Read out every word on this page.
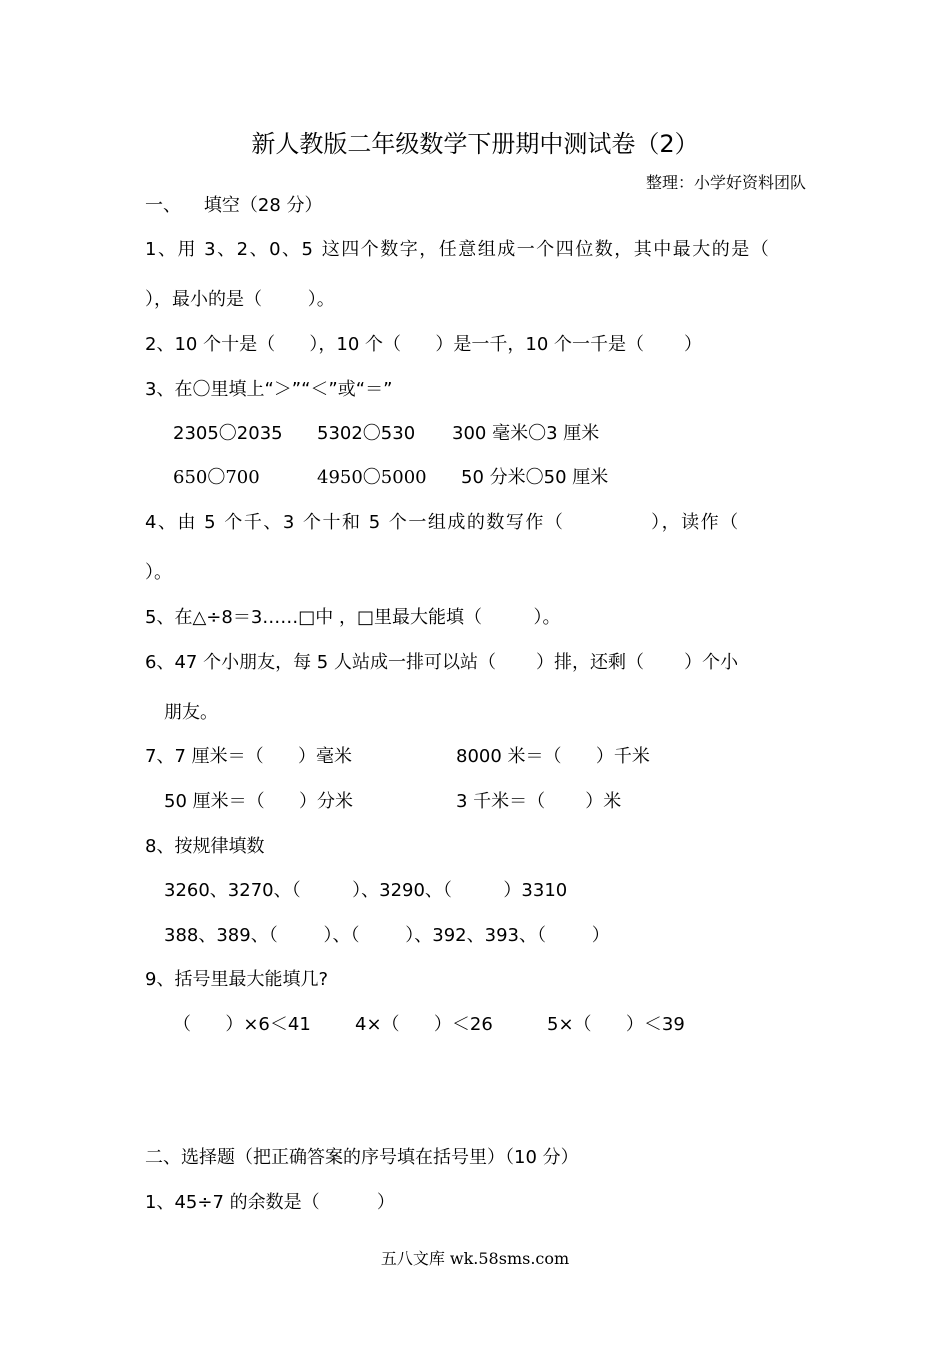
新人教版二年级数学下册期中测试卷（2）
整理：小学好资料团队
一、    填空（28 分）
1、用 3、2、0、5 这四个数字，任意组成一个四位数，其中最大的是（
），最小的是（        ）。
2、10 个十是（      ），10 个（      ）是一千，10 个一千是（       ）
3、在〇里填上“＞”“＜”或“＝”
2305〇2035 5302〇530 300 毫米〇3 厘米
650〇700	4950〇5000 50 分米〇50 厘米
4、由 5 个千、3 个十和 5 个一组成的数写作（            ），读作（
）。
5、在△÷8＝3……□中 ，□里最大能填（         ）。
6、47 个小朋友，每 5 人站成一排可以站（       ）排，还剩（       ）个小
朋友。
7、7 厘米＝（      ）毫米	8000 米＝（      ）千米
50 厘米＝（      ）分米	3 千米＝（       ）米
8、按规律填数
3260、3270、（         ）、3290、（         ）3310
388、389、（        ）、（        ）、392、393、（        ）
9、括号里最大能填几?
（      ）×6＜41 4×（      ）＜26	5×（      ）＜39
二、选择题（把正确答案的序号填在括号里）（10 分）
1、45÷7 的余数是（          ）
五八文库 wk.58sms.com
